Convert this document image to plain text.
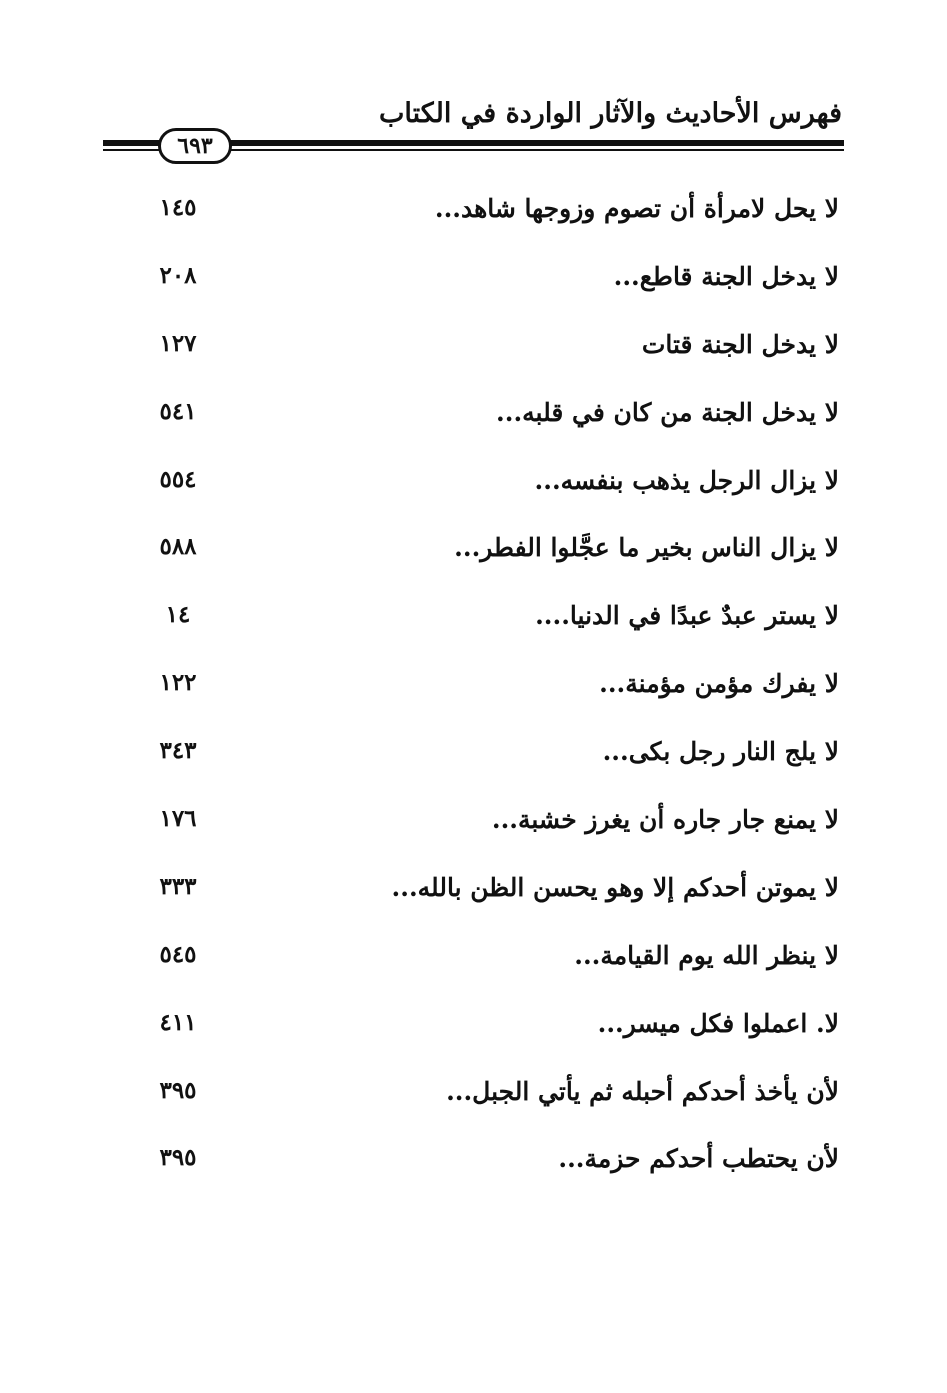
فهرس الأحاديث والآثار الواردة في الكتاب
٦٩٣
لا يحل لامرأة أن تصوم وزوجها شاهد...
١٤٥
لا يدخل الجنة قاطع...
٢٠٨
لا يدخل الجنة قتات
١٢٧
لا يدخل الجنة من كان في قلبه...
٥٤١
لا يزال الرجل يذهب بنفسه...
٥٥٤
لا يزال الناس بخير ما عجَّلوا الفطر...
٥٨٨
لا يستر عبدٌ عبدًا في الدنيا....
١٤
لا يفرك مؤمن مؤمنة...
١٢٢
لا يلج النار رجل بكى...
٣٤٣
لا يمنع جار جاره أن يغرز خشبة...
١٧٦
لا يموتن أحدكم إلا وهو يحسن الظن بالله...
٣٣٣
لا ينظر الله يوم القيامة...
٥٤٥
لا. اعملوا فكل ميسر...
٤١١
لأن يأخذ أحدكم أحبله ثم يأتي الجبل...
٣٩٥
لأن يحتطب أحدكم حزمة...
٣٩٥
